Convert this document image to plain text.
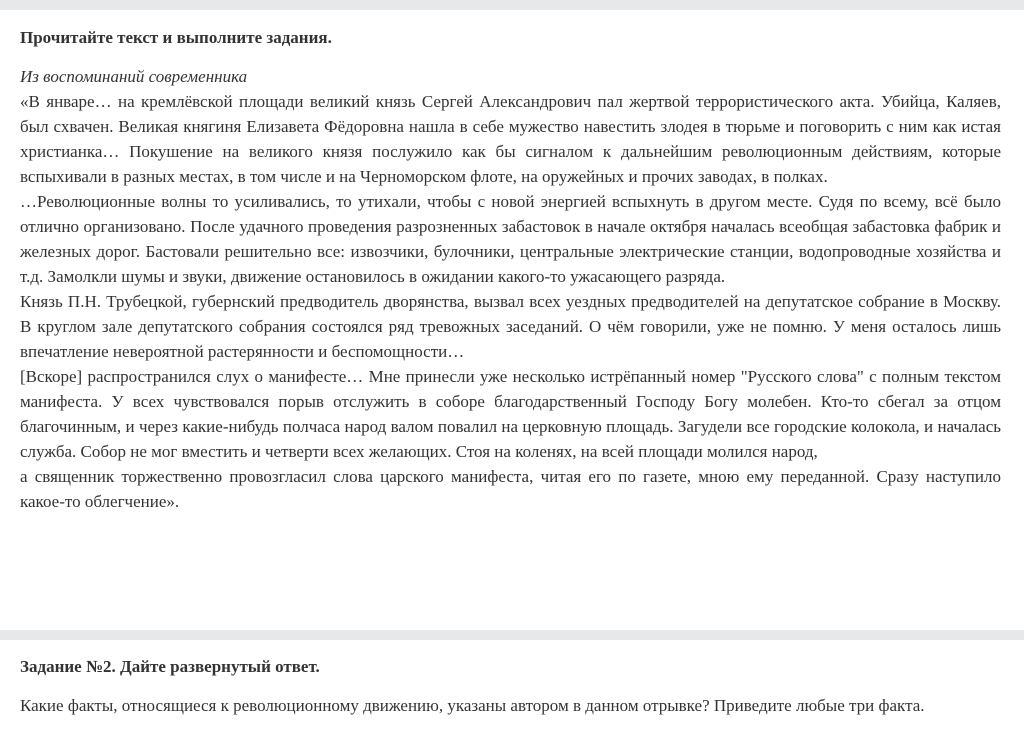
Прочитайте текст и выполните задания.
Из воспоминаний современника

«В январе… на кремлёвской площади великий князь Сергей Александрович пал жертвой террористического акта. Убийца, Каляев, был схвачен. Великая княгиня Елизавета Фёдоровна нашла в себе мужество навестить злодея в тюрьме и поговорить с ним как истая христианка… Покушение на великого князя послужило как бы сигналом к дальнейшим революционным действиям, которые вспыхивали в разных местах, в том числе и на Черноморском флоте, на оружейных и прочих заводах, в полках.

…Революционные волны то усиливались, то утихали, чтобы с новой энергией вспыхнуть в другом месте. Судя по всему, всё было отлично организовано. После удачного проведения разрозненных забастовок в начале октября началась всеобщая забастовка фабрик и железных дорог. Бастовали решительно все: извозчики, булочники, центральные электрические станции, водопроводные хозяйства и т.д. Замолкли шумы и звуки, движение остановилось в ожидании какого-то ужасающего разряда.

Князь П.Н. Трубецкой, губернский предводитель дворянства, вызвал всех уездных предводителей на депутатское собрание в Москву. В круглом зале депутатского собрания состоялся ряд тревожных заседаний. О чём говорили, уже не помню. У меня осталось лишь впечатление невероятной растерянности и беспомощности…

[Вскоре] распространился слух о манифесте… Мне принесли уже несколько истрёпанный номер "Русского слова" с полным текстом манифеста. У всех чувствовался порыв отслужить в соборе благодарственный Господу Богу молебен. Кто-то сбегал за отцом благочинным, и через какие-нибудь полчаса народ валом повалил на церковную площадь. Загудели все городские колокола, и началась служба. Собор не мог вместить и четверти всех желающих. Стоя на коленях, на всей площади молился народ,

а священник торжественно провозгласил слова царского манифеста, читая его по газете, мною ему переданной. Сразу наступило какое-то облегчение».

Задание №2. Дайте развернутый ответ.
Какие факты, относящиеся к революционному движению, указаны автором в данном отрывке? Приведите любые три факта.
